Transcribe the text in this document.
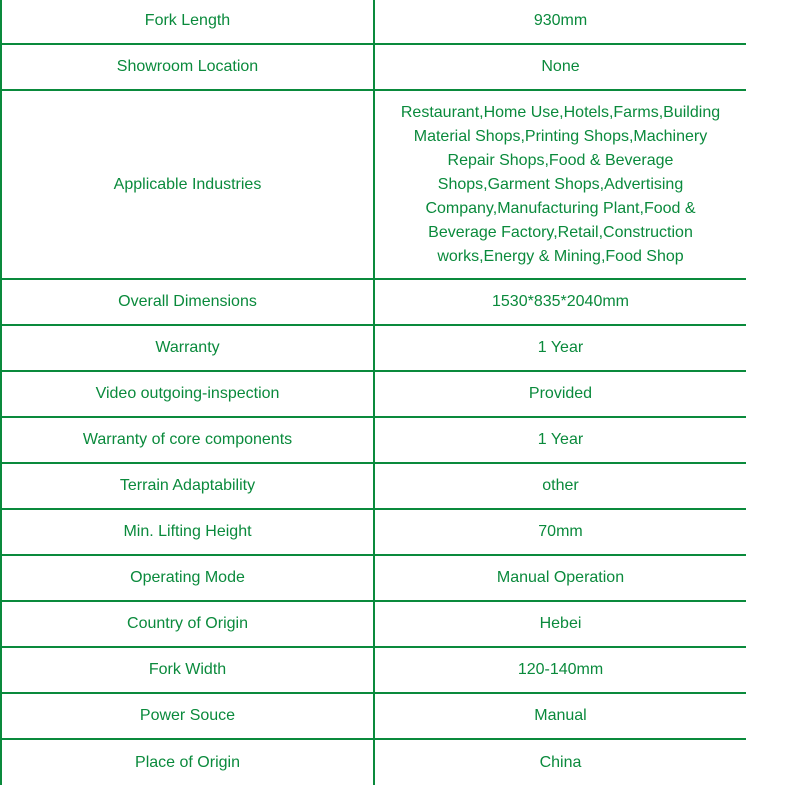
Fork Length	930mm
Showroom Location	None
Applicable Industries	Restaurant,Home Use,Hotels,Farms,Building Material Shops,Printing Shops,Machinery Repair Shops,Food & Beverage Shops,Garment Shops,Advertising Company,Manufacturing Plant,Food & Beverage Factory,Retail,Construction works,Energy & Mining,Food Shop
Overall Dimensions	1530*835*2040mm
Warranty	1 Year
Video outgoing-inspection	Provided
Warranty of core components	1 Year
Terrain Adaptability	other
Min. Lifting Height	70mm
Operating Mode	Manual Operation
Country of Origin	Hebei
Fork Width	120-140mm
Power Souce	Manual
Place of Origin	China
